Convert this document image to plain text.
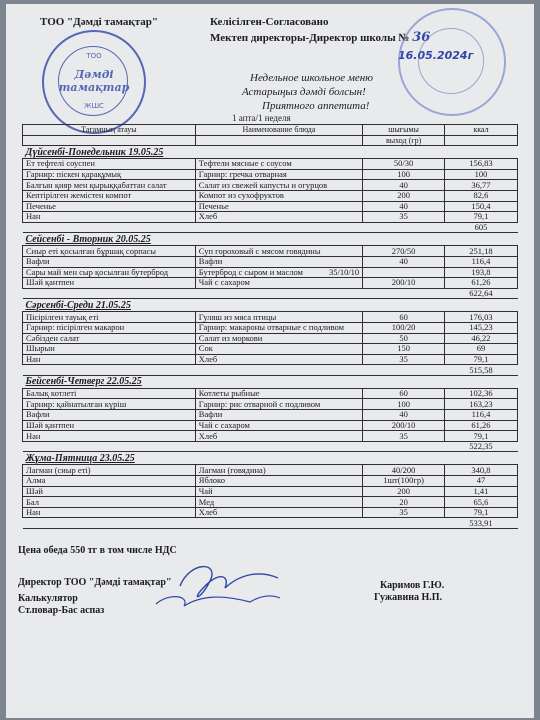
ТОО "Дәмді тамақтар"	Келісілген-Согласовано
Мектеп директоры-Директор школы № 36
16.05.2024г
Недельное школьное меню
Астарыңыз дәмді болсын!
Приятного аппетита!
1 апта/1 неделя
ТОО
Дәмді
тамақтар
ЖШС
Тағамның атауы	Наименование блюда	шығымы	ккал
		выход (гр)	
Дүйсенбі-Понедельник 19.05.25			
Ет тефтелі соуспен	Тефтели мясные с соусом	50/30	156,83
Гарнир: піскен қарақұмық	Гарнир: гречка отварная	100	100
Балғын қияр мен қырыққабаттан салат	Салат из свежей капусты и огурцов	40	36,77
Кептірілген жемістен компот	Компот из сухофруктов	200	82,6
Печенье	Печенье	40	150,4
Нан	Хлеб	35	79,1
			605
Сейсенбі - Вторник 20.05.25			
Сиыр еті қосылған бұршақ сорпасы	Суп гороховый с мясом говядины	270/50	251,18
Вафли	Вафли	40	116,4
Сары май мен сыр қосылған бутерброд	Бутерброд с сыром и маслом 35/10/10		193,8
Шәй қантпен	Чай с сахаром	200/10	61,26
			622,64
Сәрсенбі-Среди 21.05.25			
Пісірілген тауық еті	Гуляш из мяса птицы	60	176,03
Гарнир: пісірілген макарон	Гарнир: макароны отварные с подливом	100/20	145,23
Сәбізден салат	Салат из моркови	50	46,22
Шырын	Сок	150	69
Нан	Хлеб	35	79,1
			515,58
Бейсенбі-Четверг 22.05.25			
Балық котлеті	Котлеты рыбные	60	102,36
Гарнир: қайнатылған күріш	Гарнир: рис отварной с подливом	100	163,23
Вафли	Вафли	40	116,4
Шәй қантпен	Чай с сахаром	200/10	61,26
Нан	Хлеб	35	79,1
			522,35
Жұма-Пятница 23.05.25			
Лагман (сиыр еті)	Лагман (говядина)	40/200	340,8
Алма	Яблоко	1шт(100гр)	47
Шәй	Чай	200	1,41
Бал	Мед	20	65,6
Нан	Хлеб	35	79,1
			533,91
Цена обеда 550 тг в том числе НДС
Директор ТОО "Дәмді тамақтар"
Калькулятор
Ст.повар-Бас аспаз
Каримов Г.Ю.
Гужавина Н.П.
